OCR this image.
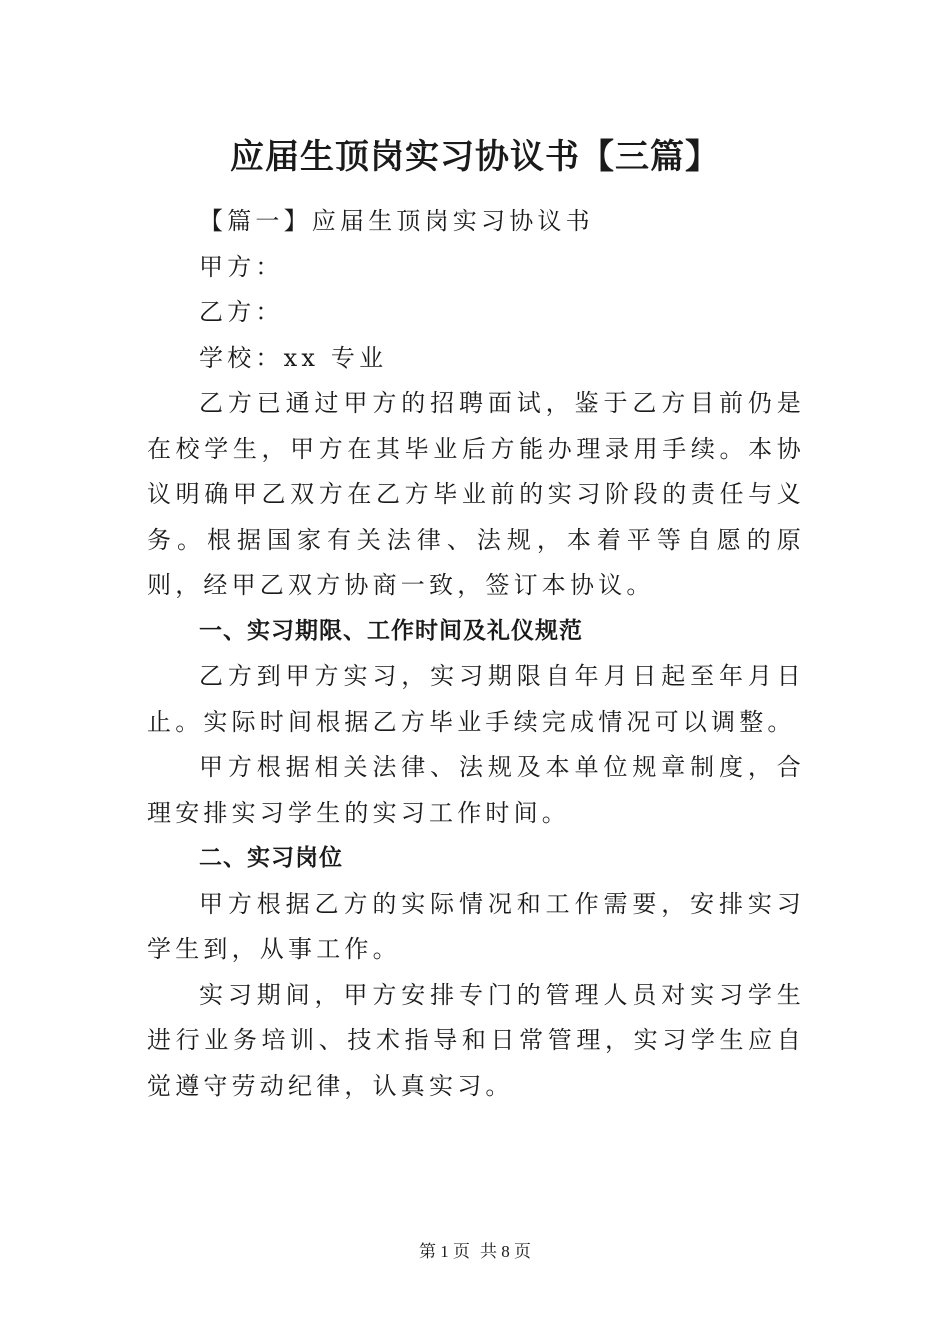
应届生顶岗实习协议书【三篇】

【篇一】应届生顶岗实习协议书

甲方：

乙方：

学校：xx 专业

乙方已通过甲方的招聘面试，鉴于乙方目前仍是在校学生，甲方在其毕业后方能办理录用手续。本协议明确甲乙双方在乙方毕业前的实习阶段的责任与义务。根据国家有关法律、法规，本着平等自愿的原则，经甲乙双方协商一致，签订本协议。

一、实习期限、工作时间及礼仪规范

乙方到甲方实习，实习期限自年月日起至年月日止。实际时间根据乙方毕业手续完成情况可以调整。

甲方根据相关法律、法规及本单位规章制度，合理安排实习学生的实习工作时间。

二、实习岗位

甲方根据乙方的实际情况和工作需要，安排实习学生到，从事工作。

实习期间，甲方安排专门的管理人员对实习学生进行业务培训、技术指导和日常管理，实习学生应自觉遵守劳动纪律，认真实习。

第 1 页 共 8 页
